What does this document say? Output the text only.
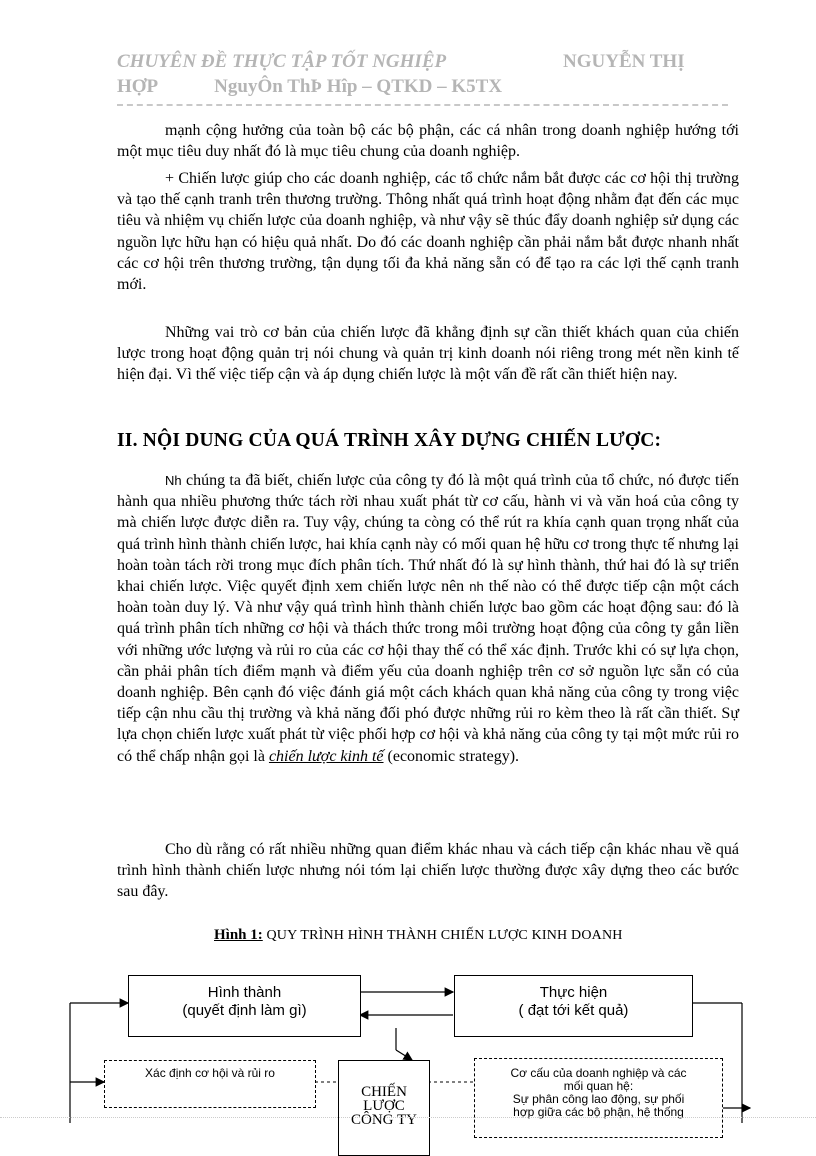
CHUYÊN ĐỀ THỰC TẬP TỐT NGHIỆP	NGUYỄN THỊ
HỢP	NguyÔn ThÞ Hîp – QTKD – K5TX

mạnh cộng hưởng của toàn bộ các bộ phận, các cá nhân trong doanh nghiệp hướng tới một mục tiêu duy nhất đó là mục tiêu chung của doanh nghiệp.

+ Chiến lược giúp cho các doanh nghiệp, các tổ chức nắm bắt được các cơ hội thị trường và tạo thế cạnh tranh trên thương trường. Thông nhất quá trình hoạt động nhằm đạt đến các mục tiêu và nhiệm vụ chiến lược của doanh nghiệp, và như vậy sẽ thúc đẩy doanh nghiệp sử dụng các nguồn lực hữu hạn có hiệu quả nhất. Do đó các doanh nghiệp cần phải nắm bắt được nhanh nhất các cơ hội trên thương trường, tận dụng tối đa khả năng sẵn có để tạo ra các lợi thế cạnh tranh mới.

Những vai trò cơ bản của chiến lược đã khẳng định sự cần thiết khách quan của chiến lược trong hoạt động quản trị nói chung và quản trị kinh doanh nói riêng trong mét nền kinh tế hiện đại. Vì thế việc tiếp cận và áp dụng chiến lược là một vấn đề rất cần thiết hiện nay.

II. NỘI DUNG CỦA QUÁ TRÌNH XÂY DỰNG CHIẾN LƯỢC:

Nh chúng ta đã biết, chiến lược của công ty đó là một quá trình của tổ chức, nó được tiến hành qua nhiều phương thức tách rời nhau xuất phát từ cơ cấu, hành vi và văn hoá của công ty mà chiến lược được diễn ra. Tuy vậy, chúng ta còng có thể rút ra khía cạnh quan trọng nhất của quá trình hình thành chiến lược, hai khía cạnh này có mối quan hệ hữu cơ trong thực tế nhưng lại hoàn toàn tách rời trong mục đích phân tích. Thứ nhất đó là sự hình thành, thứ hai đó là sự triển khai chiến lược. Việc quyết định xem chiến lược nên nh thế nào có thể được tiếp cận một cách hoàn toàn duy lý. Và như vậy quá trình hình thành chiến lược bao gồm các hoạt động sau: đó là quá trình phân tích những cơ hội và thách thức trong môi trường hoạt động của công ty gắn liền với những ước lượng và rủi ro của các cơ hội thay thế có thể xác định. Trước khi có sự lựa chọn, cần phải phân tích điểm mạnh và điểm yếu của doanh nghiệp trên cơ sở nguồn lực sẵn có của doanh nghiệp. Bên cạnh đó việc đánh giá một cách khách quan khả năng của công ty trong việc tiếp cận nhu cầu thị trường và khả năng đối phó được những rủi ro kèm theo là rất cần thiết. Sự lựa chọn chiến lược xuất phát từ việc phối hợp cơ hội và khả năng của công ty tại một mức rủi ro có thể chấp nhận gọi là chiến lược kinh tế (economic strategy).

Cho dù rằng có rất nhiều những quan điểm khác nhau và cách tiếp cận khác nhau về quá trình hình thành chiến lược nhưng nói tóm lại chiến lược thường được xây dựng theo các bước sau đây.

Hình 1: QUY TRÌNH HÌNH THÀNH CHIẾN LƯỢC KINH DOANH
Hình thành
(quyết định làm gì)
Thực hiện
( đạt tới kết quả)
Xác định cơ hội và rủi ro
CHIẾN
LƯỢC
CÔNG TY
Cơ cấu của doanh nghiệp và các
mối quan hệ:
Sự phân công lao động, sự phối
hợp giữa các bộ phận, hệ thống
